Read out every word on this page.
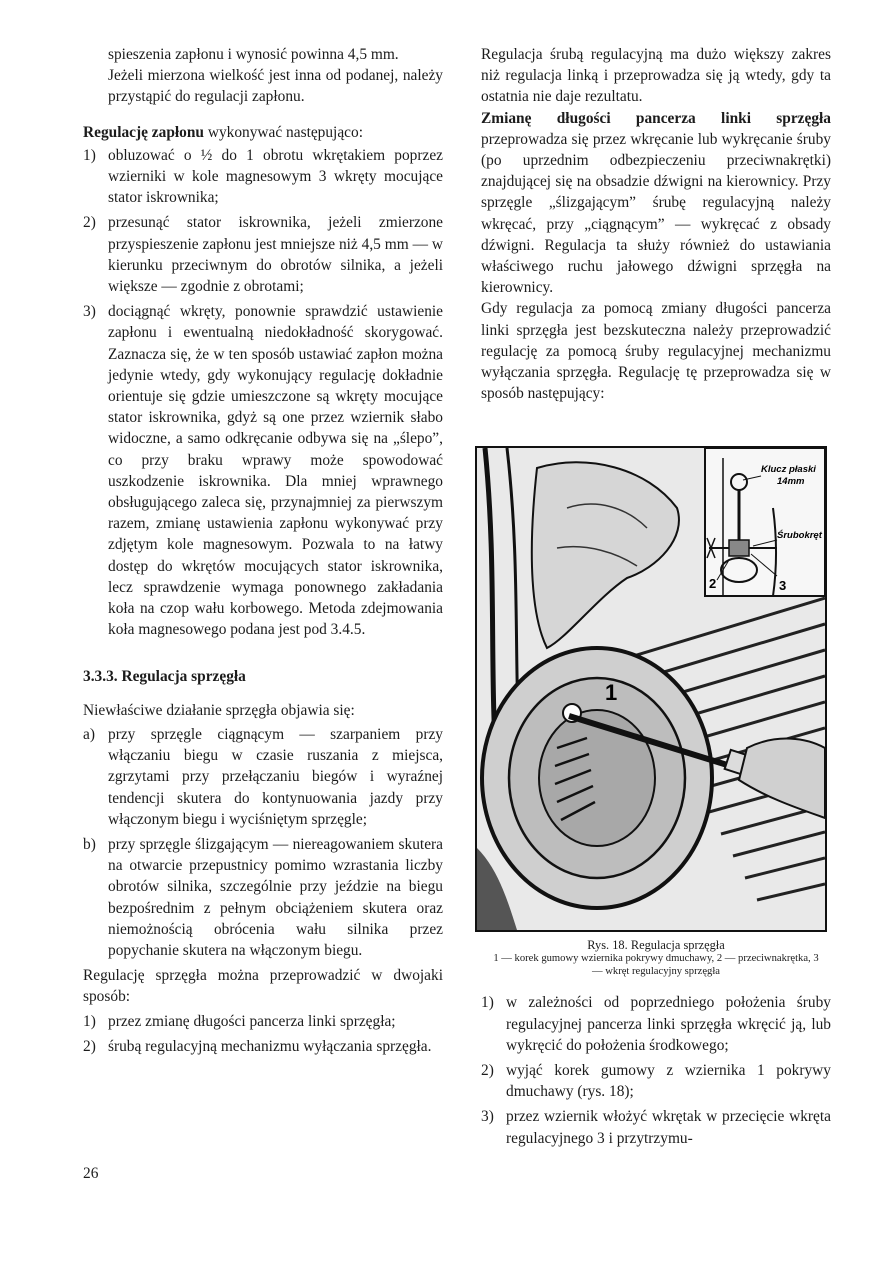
spieszenia zapłonu i wynosić powinna 4,5 mm.

Jeżeli mierzona wielkość jest inna od podanej, należy przystąpić do regulacji zapłonu.

Regulację zapłonu wykonywać następująco:

1) obluzować o ½ do 1 obrotu wkrętakiem poprzez wzierniki w kole magnesowym 3 wkręty mocujące stator iskrownika;
2) przesunąć stator iskrownika, jeżeli zmierzone przyspieszenie zapłonu jest mniejsze niż 4,5 mm — w kierunku przeciwnym do obrotów silnika, a jeżeli większe — zgodnie z obrotami;
3) dociągnąć wkręty, ponownie sprawdzić ustawienie zapłonu i ewentualną niedokładność skorygować. Zaznacza się, że w ten sposób ustawiać zapłon można jedynie wtedy, gdy wykonujący regulację dokładnie orientuje się gdzie umieszczone są wkręty mocujące stator iskrownika, gdyż są one przez wziernik słabo widoczne, a samo odkręcanie odbywa się na „ślepo”, co przy braku wprawy może spowodować uszkodzenie iskrownika. Dla mniej wprawnego obsługującego zaleca się, przynajmniej za pierwszym razem, zmianę ustawienia zapłonu wykonywać przy zdjętym kole magnesowym. Pozwala to na łatwy dostęp do wkrętów mocujących stator iskrownika, lecz sprawdzenie wymaga ponownego zakładania koła na czop wału korbowego. Metoda zdejmowania koła magnesowego podana jest pod 3.4.5.

3.3.3. Regulacja sprzęgła

Niewłaściwe działanie sprzęgła objawia się:

a) przy sprzęgle ciągnącym — szarpaniem przy włączaniu biegu w czasie ruszania z miejsca, zgrzytami przy przełączaniu biegów i wyraźnej tendencji skutera do kontynuowania jazdy przy włączonym biegu i wyciśniętym sprzęgle;
b) przy sprzęgle ślizgającym — niereagowaniem skutera na otwarcie przepustnicy pomimo wzrastania liczby obrotów silnika, szczególnie przy jeździe na biegu bezpośrednim z pełnym obciążeniem skutera oraz niemożnością obrócenia wału silnika przez popychanie skutera na włączonym biegu.

Regulację sprzęgła można przeprowadzić w dwojaki sposób:

1) przez zmianę długości pancerza linki sprzęgła;
2) śrubą regulacyjną mechanizmu wyłączania sprzęgła.

Regulacja śrubą regulacyjną ma dużo większy zakres niż regulacja linką i przeprowadza się ją wtedy, gdy ta ostatnia nie daje rezultatu.

Zmianę długości pancerza linki sprzęgła przeprowadza się przez wkręcanie lub wykręcanie śruby (po uprzednim odbezpieczeniu przeciwnakrętki) znajdującej się na obsadzie dźwigni na kierownicy. Przy sprzęgle „ślizgającym” śrubę regulacyjną należy wkręcać, przy „ciągnącym” — wykręcać z obsady dźwigni. Regulacja ta służy również do ustawiania właściwego ruchu jałowego dźwigni sprzęgła na kierownicy.

Gdy regulacja za pomocą zmiany długości pancerza linki sprzęgła jest bezskuteczna należy przeprowadzić regulację za pomocą śruby regulacyjnej mechanizmu wyłączania sprzęgła. Regulację tę przeprowadza się w sposób następujący:

1
Klucz płaski
14mm
Śrubokręt
2	3
Rys. 18. Regulacja sprzęgła
1 — korek gumowy wziernika pokrywy dmuchawy, 2 — przeciwnakrętka, 3 — wkręt regulacyjny sprzęgła
1) w zależności od poprzedniego położenia śruby regulacyjnej pancerza linki sprzęgła wkręcić ją, lub wykręcić do położenia środkowego;
2) wyjąć korek gumowy z wziernika 1 pokrywy dmuchawy (rys. 18);
3) przez wziernik włożyć wkrętak w przecięcie wkręta regulacyjnego 3 i przytrzymu-
26
